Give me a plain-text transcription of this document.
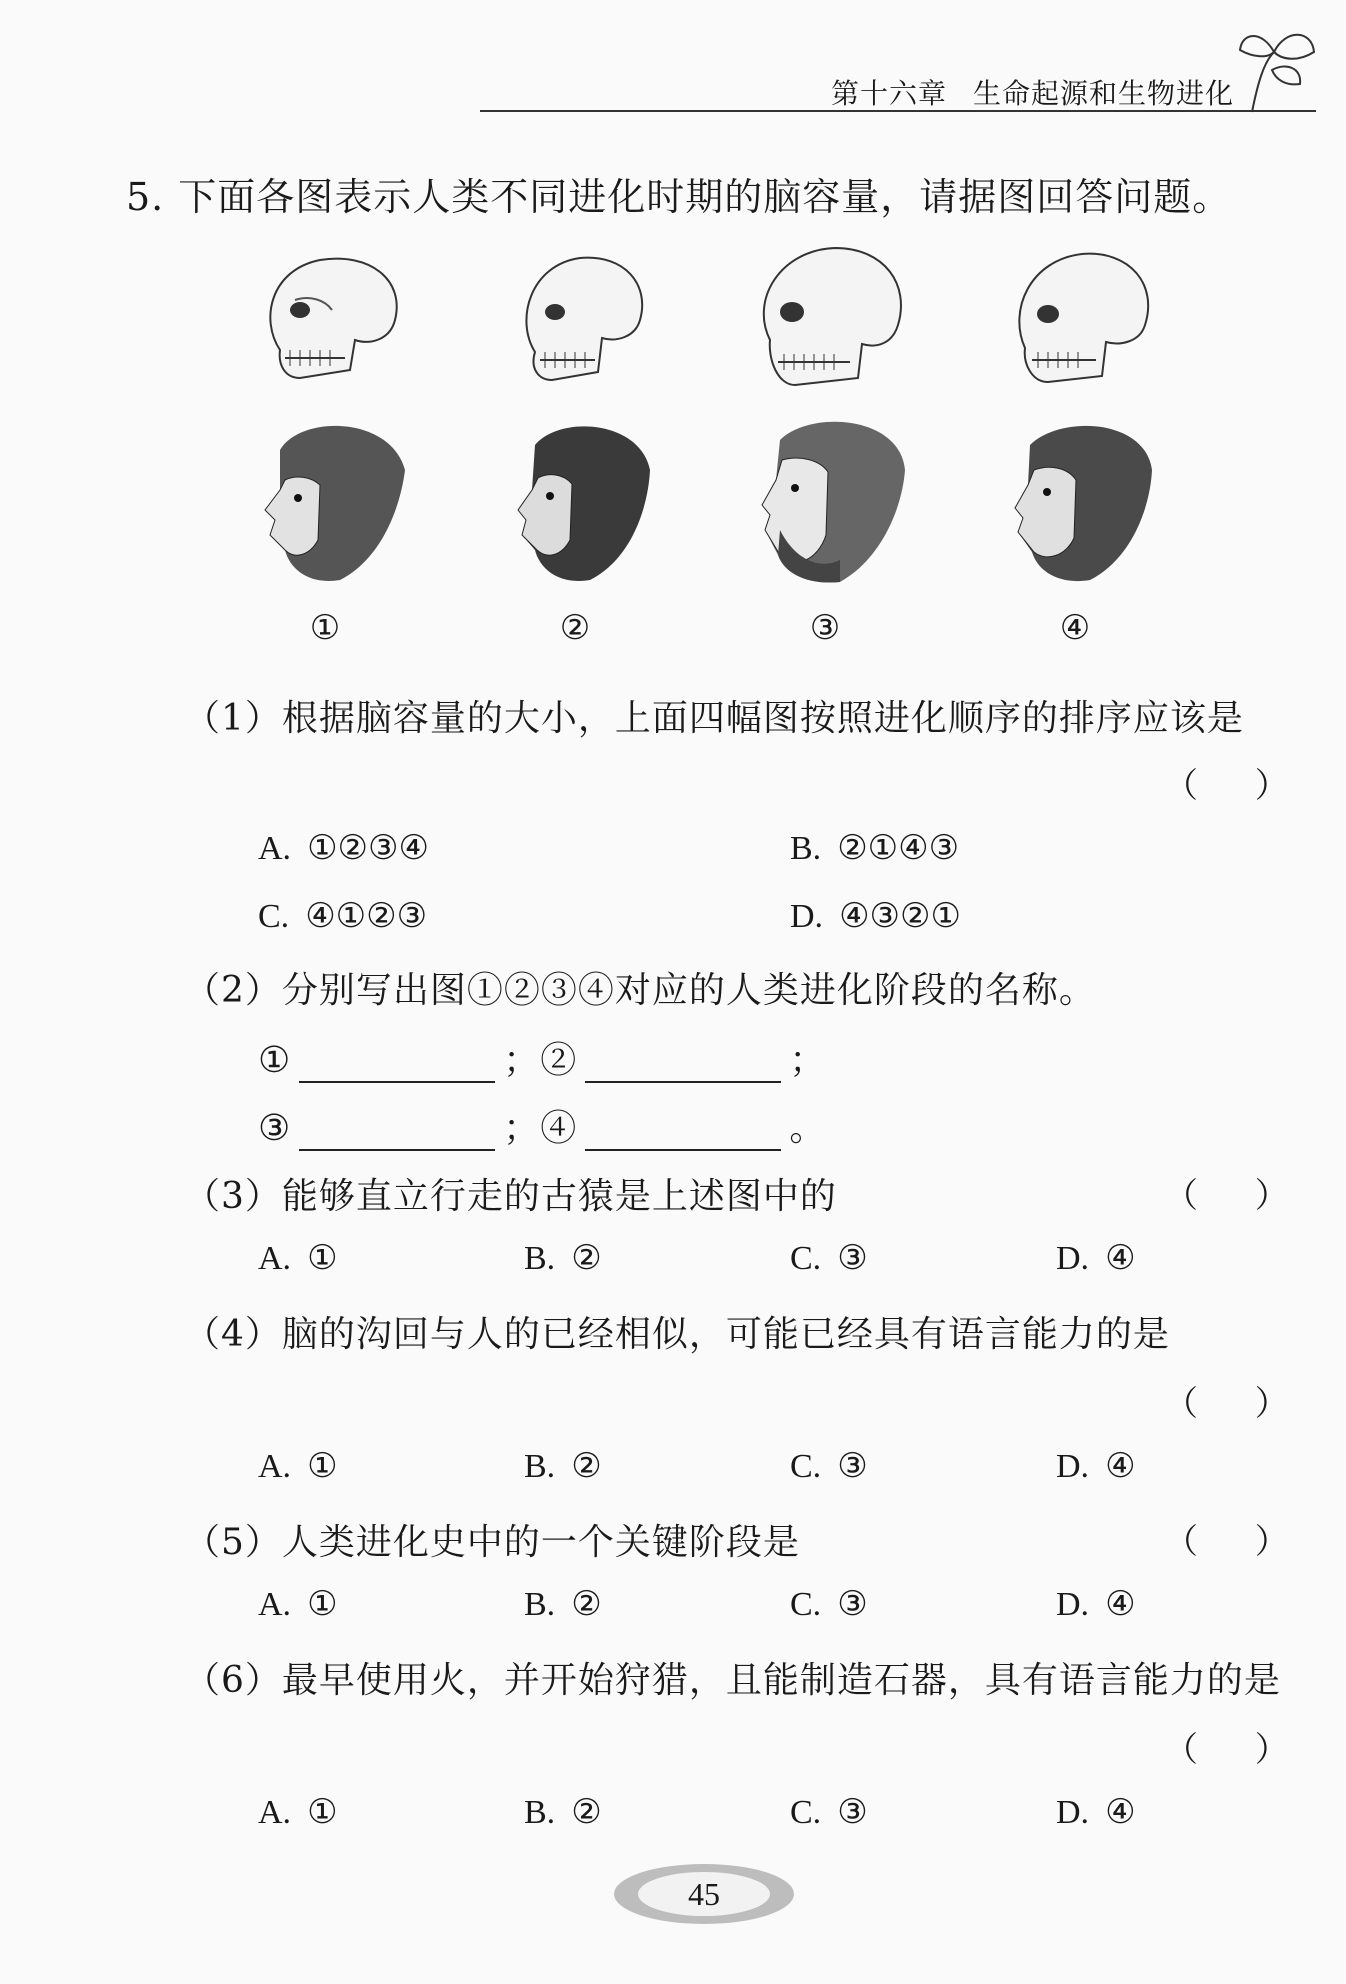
第十六章 生命起源和生物进化
5. 下面各图表示人类不同进化时期的脑容量，请据图回答问题。
①	②	③	④
（1）根据脑容量的大小，上面四幅图按照进化顺序的排序应该是
（ ）
A. ①②③④	B. ②①④③
C. ④①②③	D. ④③②①
（2）分别写出图①②③④对应的人类进化阶段的名称。
①	；②	；
③	；④	。
（3）能够直立行走的古猿是上述图中的	（ ）
A. ①	B. ②	C. ③	D. ④
（4）脑的沟回与人的已经相似，可能已经具有语言能力的是
（ ）
A. ①	B. ②	C. ③	D. ④
（5）人类进化史中的一个关键阶段是	（ ）
A. ①	B. ②	C. ③	D. ④
（6）最早使用火，并开始狩猎，且能制造石器，具有语言能力的是
（ ）
A. ①	B. ②	C. ③	D. ④
45
